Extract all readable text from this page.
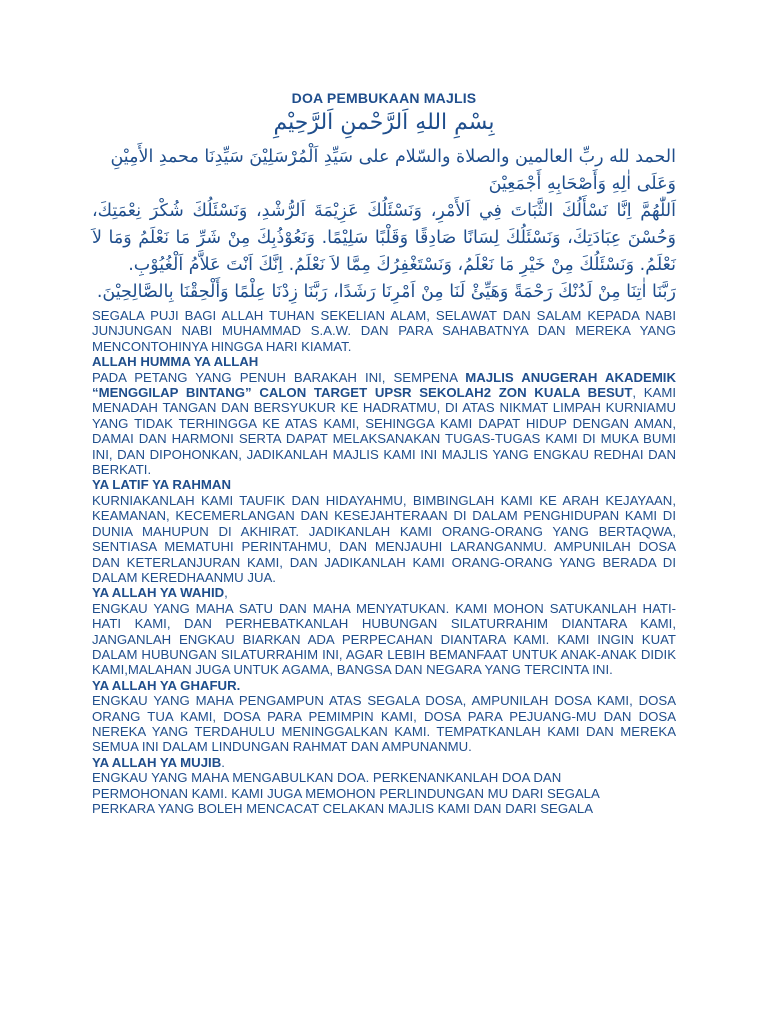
DOA PEMBUKAAN MAJLIS
بِسْمِ اللهِ اَلرَّحْمنِ اَلرَّحِيْمِ

الحمد لله ربِّ العالمين والصلاة والسّلام على سَيِّدِ اَلْمُرْسَلِيْنَ سَيِّدِنَا محمدِ الأَمِيْنِ

وَعَلَى اٰلِهِ وَأَصْحَابِهِ أَجْمَعِيْنَ

اَللّٰهُمَّ اِنَّا نَسْأَلُكَ الثَّبَاتَ فِي اَلأَمْرِ، وَنَسْئَلُكَ عَزِيْمَةَ اَلرُّشْدِ، وَنَسْئَلُكَ شُكْرَ نِعْمَتِكَ، وَحُسْنَ عِبَادَتِكَ، وَنَسْئَلُكَ لِسَانًا صَادِقًا وَقَلْبًا سَلِيْمًا. وَنَعُوْذُبِكَ مِنْ شَرِّ مَا نَعْلَمُ وَمَا لاَ نَعْلَمُ. وَنَسْئَلُكَ مِنْ خَيْرِ مَا نَعْلَمُ، وَنَسْتَغْفِرُكَ مِمَّا لاَ نَعْلَمُ. اِنَّكَ اَنْتَ عَلاَّمُ اَلْغُيُوْبِ.

رَبَّنَا اٰتِنَا مِنْ لَدُنْكَ رَحْمَةً وَهَيِّئْ لَنَا مِنْ اَمْرِنَا رَشَدًا، رَبَّنَا زِدْنَا عِلْمًا وَأَلْحِقْنَا بِالصَّالِحِيْنَ.

SEGALA PUJI BAGI ALLAH TUHAN SEKELIAN ALAM, SELAWAT DAN SALAM KEPADA NABI JUNJUNGAN NABI MUHAMMAD S.A.W. DAN PARA SAHABATNYA DAN MEREKA YANG MENCONTOHINYA HINGGA HARI KIAMAT.

ALLAH HUMMA YA ALLAH

PADA PETANG YANG PENUH BARAKAH INI, SEMPENA MAJLIS ANUGERAH AKADEMIK “MENGGILAP BINTANG” CALON TARGET UPSR SEKOLAH2 ZON KUALA BESUT, KAMI MENADAH TANGAN DAN BERSYUKUR KE HADRATMU, DI ATAS NIKMAT LIMPAH KURNIAMU YANG TIDAK TERHINGGA KE ATAS KAMI, SEHINGGA KAMI DAPAT HIDUP DENGAN AMAN, DAMAI DAN HARMONI SERTA DAPAT MELAKSANAKAN TUGAS-TUGAS KAMI DI MUKA BUMI INI, DAN DIPOHONKAN, JADIKANLAH MAJLIS KAMI INI MAJLIS YANG ENGKAU REDHAI DAN BERKATI.

YA LATIF YA RAHMAN

KURNIAKANLAH KAMI TAUFIK DAN HIDAYAHMU, BIMBINGLAH KAMI KE ARAH KEJAYAAN, KEAMANAN, KECEMERLANGAN DAN KESEJAHTERAAN DI DALAM PENGHIDUPAN KAMI DI DUNIA MAHUPUN DI AKHIRAT. JADIKANLAH KAMI ORANG-ORANG YANG BERTAQWA, SENTIASA MEMATUHI PERINTAHMU, DAN MENJAUHI LARANGANMU. AMPUNILAH DOSA DAN KETERLANJURAN KAMI, DAN JADIKANLAH KAMI ORANG-ORANG YANG BERADA DI DALAM KEREDHAANMU JUA.

YA ALLAH YA WAHID,

ENGKAU YANG MAHA SATU DAN MAHA MENYATUKAN. KAMI MOHON SATUKANLAH HATI-HATI KAMI, DAN PERHEBATKANLAH HUBUNGAN SILATURRAHIM DIANTARA KAMI, JANGANLAH ENGKAU BIARKAN ADA PERPECAHAN DIANTARA KAMI. KAMI INGIN KUAT DALAM HUBUNGAN SILATURRAHIM INI, AGAR LEBIH BEMANFAAT UNTUK ANAK-ANAK DIDIK KAMI,MALAHAN JUGA UNTUK AGAMA, BANGSA DAN NEGARA YANG TERCINTA INI.

YA ALLAH YA GHAFUR.

ENGKAU YANG MAHA PENGAMPUN ATAS SEGALA DOSA, AMPUNILAH DOSA KAMI, DOSA ORANG TUA KAMI, DOSA PARA PEMIMPIN KAMI, DOSA PARA PEJUANG-MU DAN DOSA NEREKA YANG TERDAHULU MENINGGALKAN KAMI. TEMPATKANLAH KAMI DAN MEREKA SEMUA INI DALAM LINDUNGAN RAHMAT DAN AMPUNANMU.

YA ALLAH YA MUJIB.

ENGKAU YANG MAHA MENGABULKAN DOA. PERKENANKANLAH DOA DAN

PERMOHONAN KAMI. KAMI JUGA MEMOHON PERLINDUNGAN MU DARI SEGALA

PERKARA YANG BOLEH MENCACAT CELAKAN MAJLIS KAMI DAN DARI SEGALA
